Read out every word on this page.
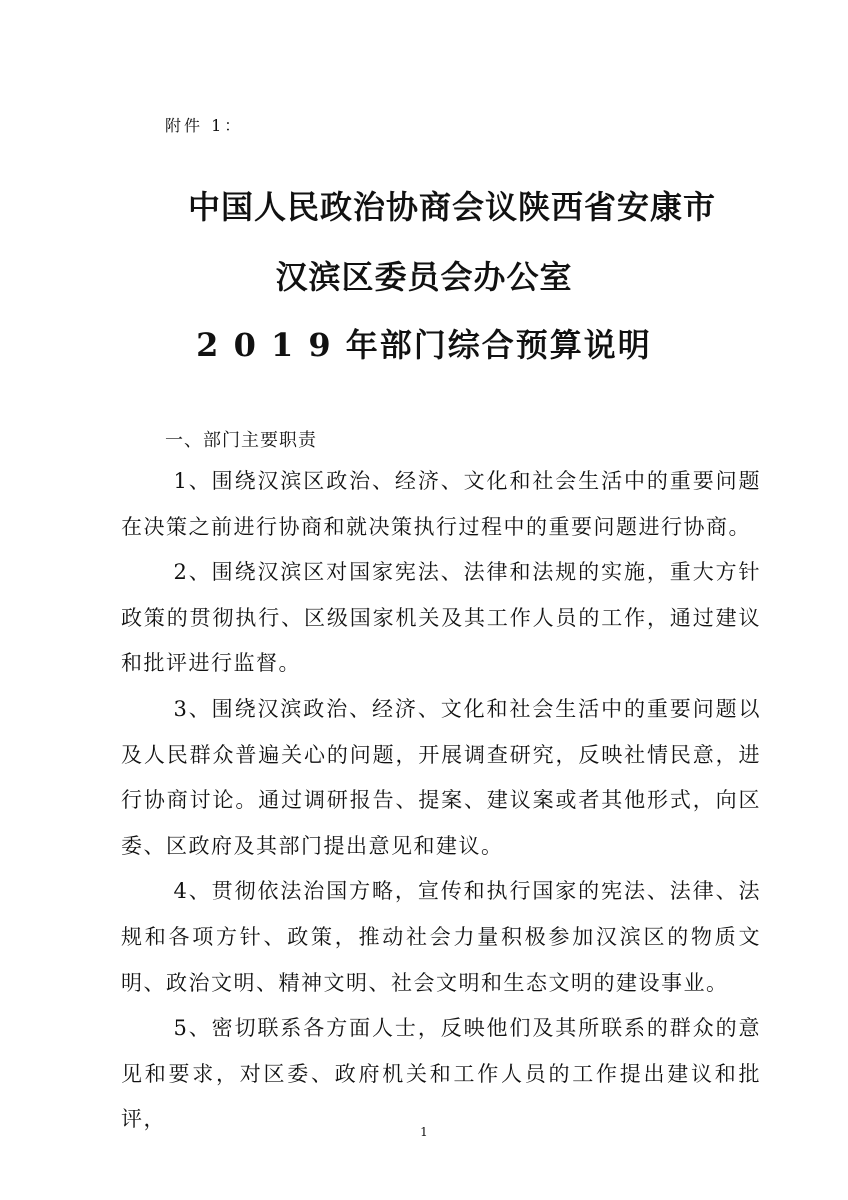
附件 1：
中国人民政治协商会议陕西省安康市
汉滨区委员会办公室
2 0 1 9 年部门综合预算说明
一、部门主要职责

1、围绕汉滨区政治、经济、文化和社会生活中的重要问题在决策之前进行协商和就决策执行过程中的重要问题进行协商。

2、围绕汉滨区对国家宪法、法律和法规的实施，重大方针政策的贯彻执行、区级国家机关及其工作人员的工作，通过建议和批评进行监督。

3、围绕汉滨政治、经济、文化和社会生活中的重要问题以及人民群众普遍关心的问题，开展调查研究，反映社情民意，进行协商讨论。通过调研报告、提案、建议案或者其他形式，向区委、区政府及其部门提出意见和建议。

4、贯彻依法治国方略，宣传和执行国家的宪法、法律、法规和各项方针、政策，推动社会力量积极参加汉滨区的物质文明、政治文明、精神文明、社会文明和生态文明的建设事业。

5、密切联系各方面人士，反映他们及其所联系的群众的意见和要求，对区委、政府机关和工作人员的工作提出建议和批评，

1
